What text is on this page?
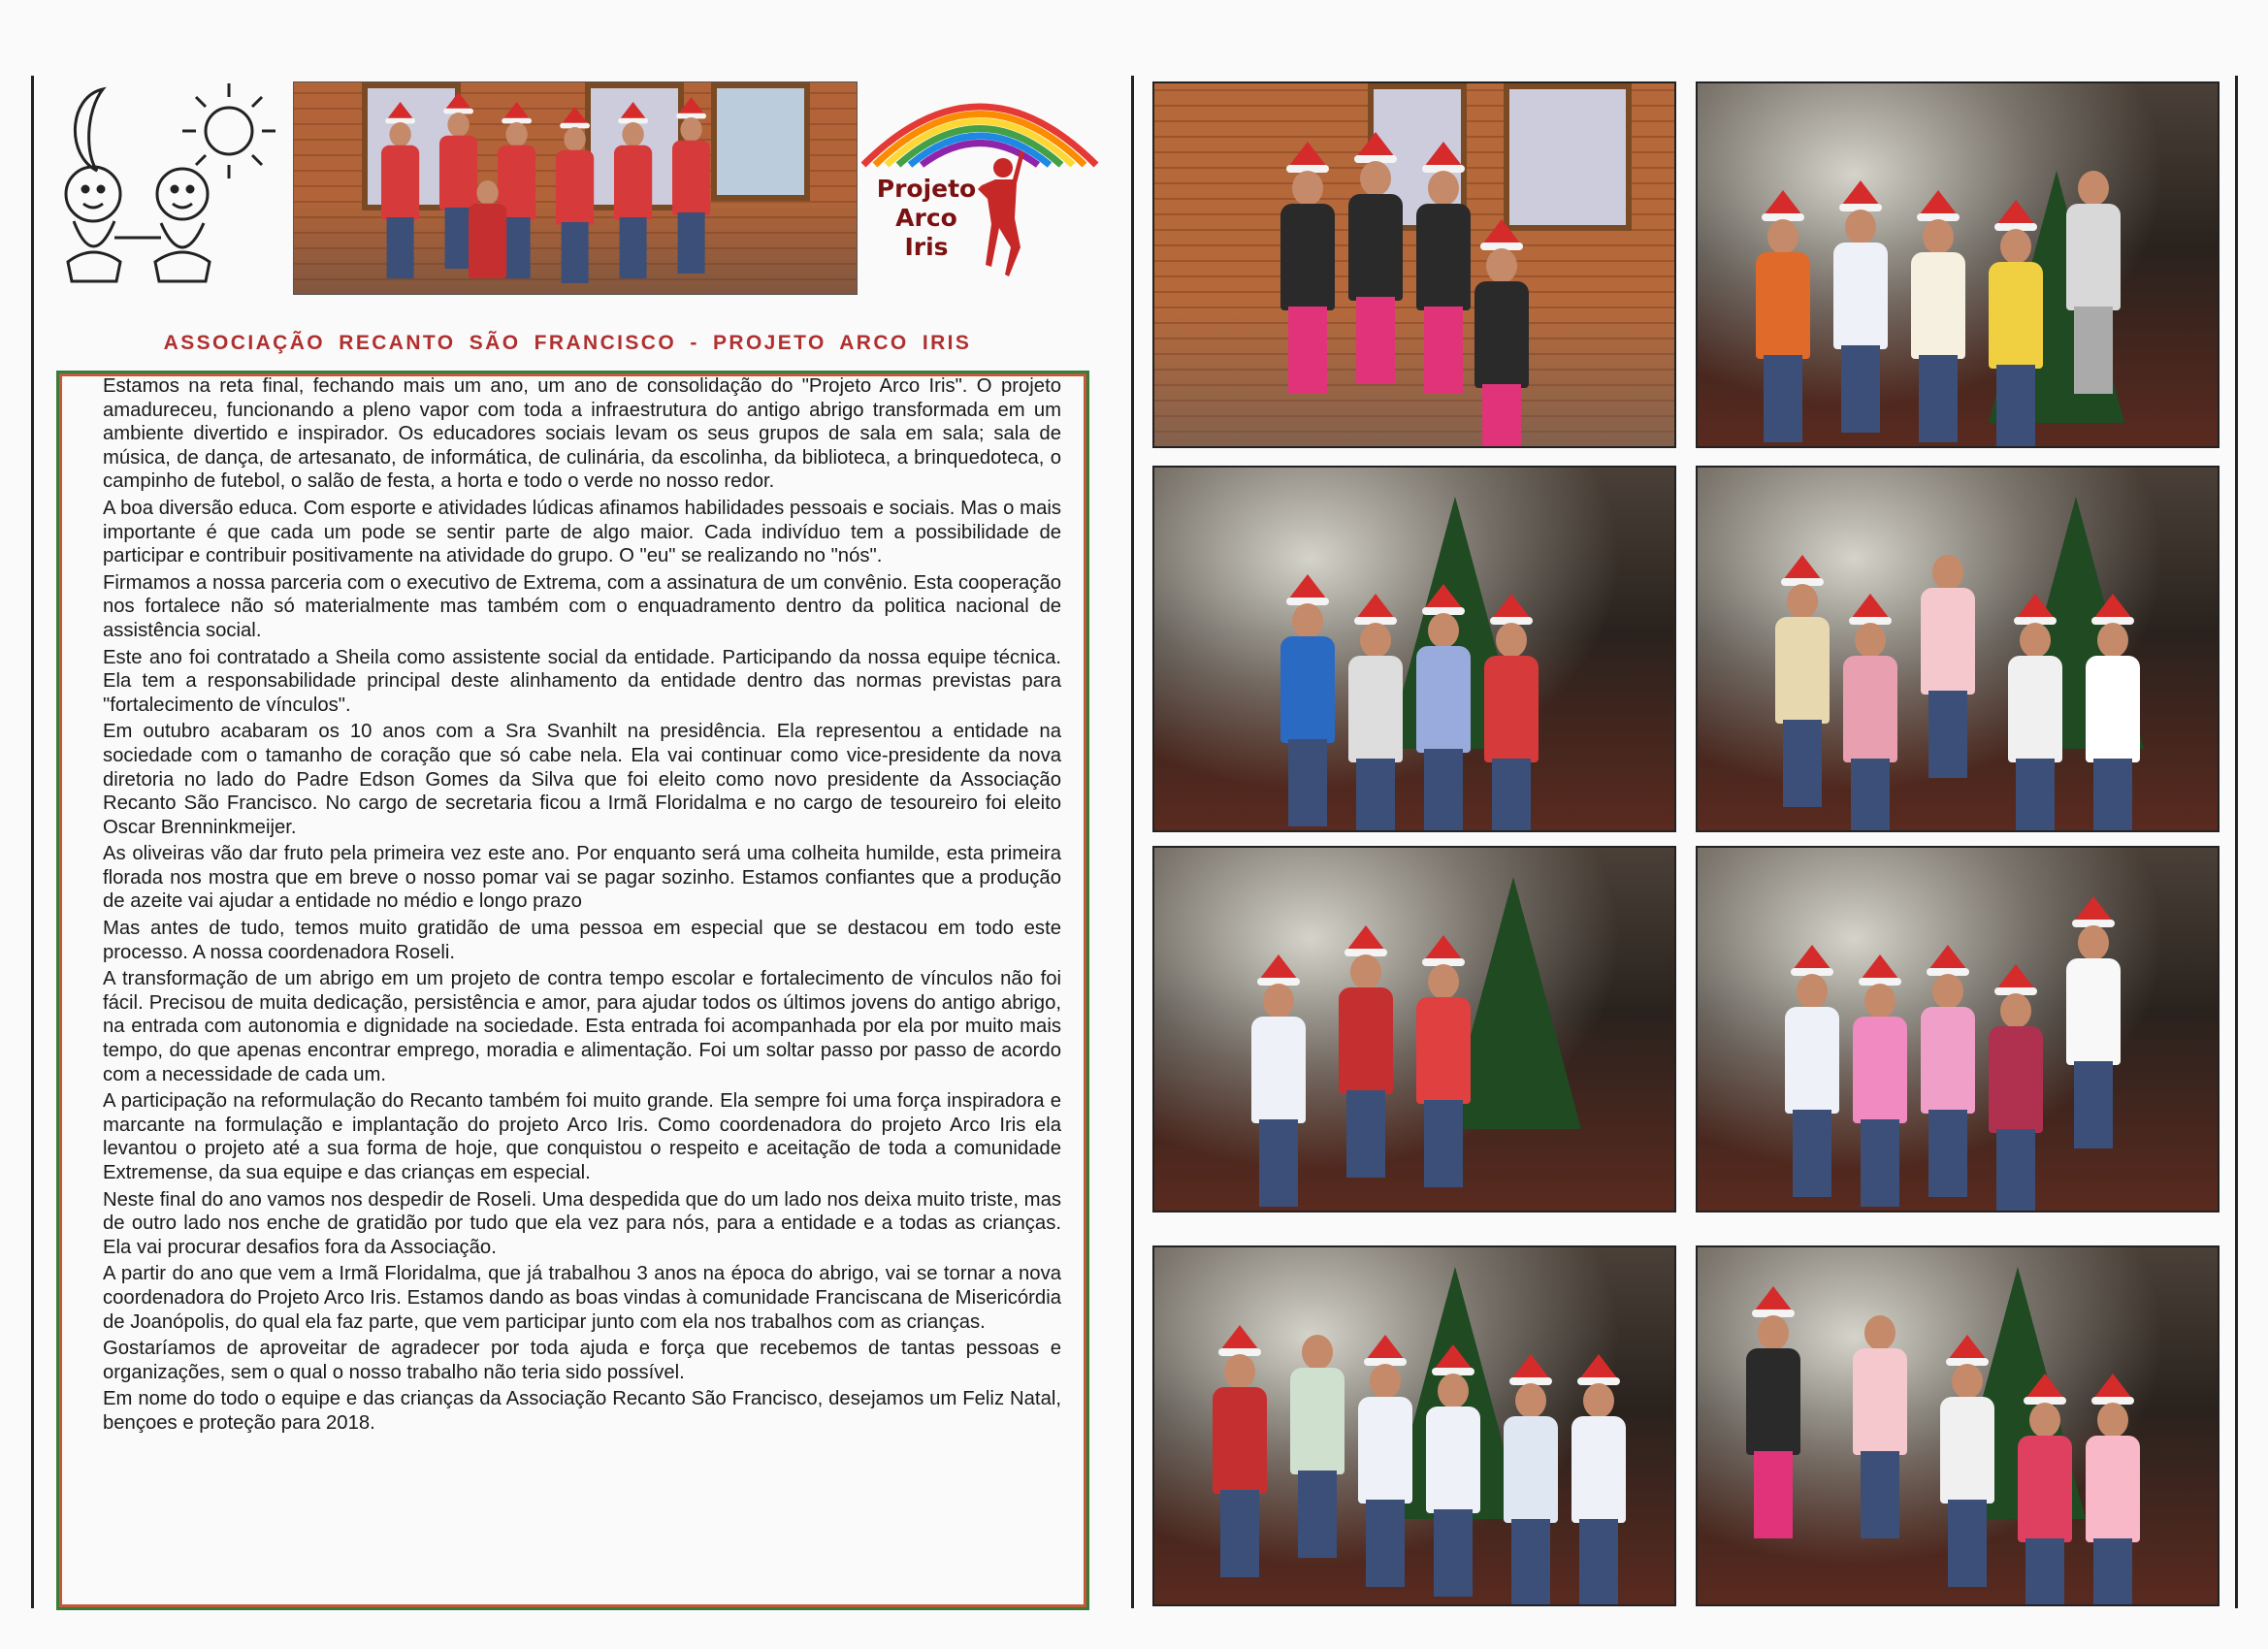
Projeto
Arco Iris
ASSOCIAÇÃO RECANTO SÃO FRANCISCO - PROJETO ARCO IRIS

Estamos na reta final, fechando mais um ano, um ano de consolidação do "Projeto Arco Iris". O projeto amadureceu, funcionando a pleno vapor com toda a infraestrutura do antigo abrigo transformada em um ambiente divertido e inspirador. Os educadores sociais levam os seus grupos de sala em sala; sala de música, de dança, de artesanato, de informática, de culinária, da escolinha, da biblioteca, a brinquedoteca, o campinho de futebol, o salão de festa, a horta e todo o verde no nosso redor.

A boa diversão educa. Com esporte e atividades lúdicas afinamos habilidades pessoais e sociais. Mas o mais importante é que cada um pode se sentir parte de algo maior. Cada indivíduo tem a possibilidade de participar e contribuir positivamente na atividade do grupo. O "eu" se realizando no "nós".

Firmamos a nossa parceria com o executivo de Extrema, com a assinatura de um convênio. Esta cooperação nos fortalece não só materialmente mas também com o enquadramento dentro da politica nacional de assistência social.

Este ano foi contratado a Sheila como assistente social da entidade. Participando da nossa equipe técnica. Ela tem a responsabilidade principal deste alinhamento da entidade dentro das normas previstas para "fortalecimento de vínculos".

Em outubro acabaram os 10 anos com a Sra Svanhilt na presidência. Ela representou a entidade na sociedade com o tamanho de coração que só cabe nela. Ela vai continuar como vice-presidente da nova diretoria no lado do Padre Edson Gomes da Silva que foi eleito como novo presidente da Associação Recanto São Francisco. No cargo de secretaria ficou a Irmã Floridalma e no cargo de tesoureiro foi eleito Oscar Brenninkmeijer.

As oliveiras vão dar fruto pela primeira vez este ano. Por enquanto será uma colheita humilde, esta primeira florada nos mostra que em breve o nosso pomar vai se pagar sozinho. Estamos confiantes que a produção de azeite vai ajudar a entidade no médio e longo prazo

Mas antes de tudo, temos muito gratidão de uma pessoa em especial que se destacou em todo este processo. A nossa coordenadora Roseli.

A transformação de um abrigo em um projeto de contra tempo escolar e fortalecimento de vínculos não foi fácil. Precisou de muita dedicação, persistência e amor, para ajudar todos os últimos jovens do antigo abrigo, na entrada com autonomia e dignidade na sociedade. Esta entrada foi acompanhada por ela por muito mais tempo, do que apenas encontrar emprego, moradia e alimentação. Foi um soltar passo por passo de acordo com a necessidade de cada um.

A participação na reformulação do Recanto também foi muito grande. Ela sempre foi uma força inspiradora e marcante na formulação e implantação do projeto Arco Iris. Como coordenadora do projeto Arco Iris ela levantou o projeto até a sua forma de hoje, que conquistou o respeito e aceitação de toda a comunidade Extremense, da sua equipe e das crianças em especial.

Neste final do ano vamos nos despedir de Roseli. Uma despedida que do um lado nos deixa muito triste, mas de outro lado nos enche de gratidão por tudo que ela vez para nós, para a entidade e a todas as crianças. Ela vai procurar desafios fora da Associação.

A partir do ano que vem a Irmã Floridalma, que já trabalhou 3 anos na época do abrigo, vai se tornar a nova coordenadora do Projeto Arco Iris. Estamos dando as boas vindas à comunidade Franciscana de Misericórdia de Joanópolis, do qual ela faz parte, que vem participar junto com ela nos trabalhos com as crianças.

Gostaríamos de aproveitar de agradecer por toda ajuda e força que recebemos de tantas pessoas e organizações, sem o qual o nosso trabalho não teria sido possível.

Em nome do todo o equipe e das crianças da Associação Recanto São Francisco, desejamos um Feliz Natal, bençoes e proteção para 2018.
